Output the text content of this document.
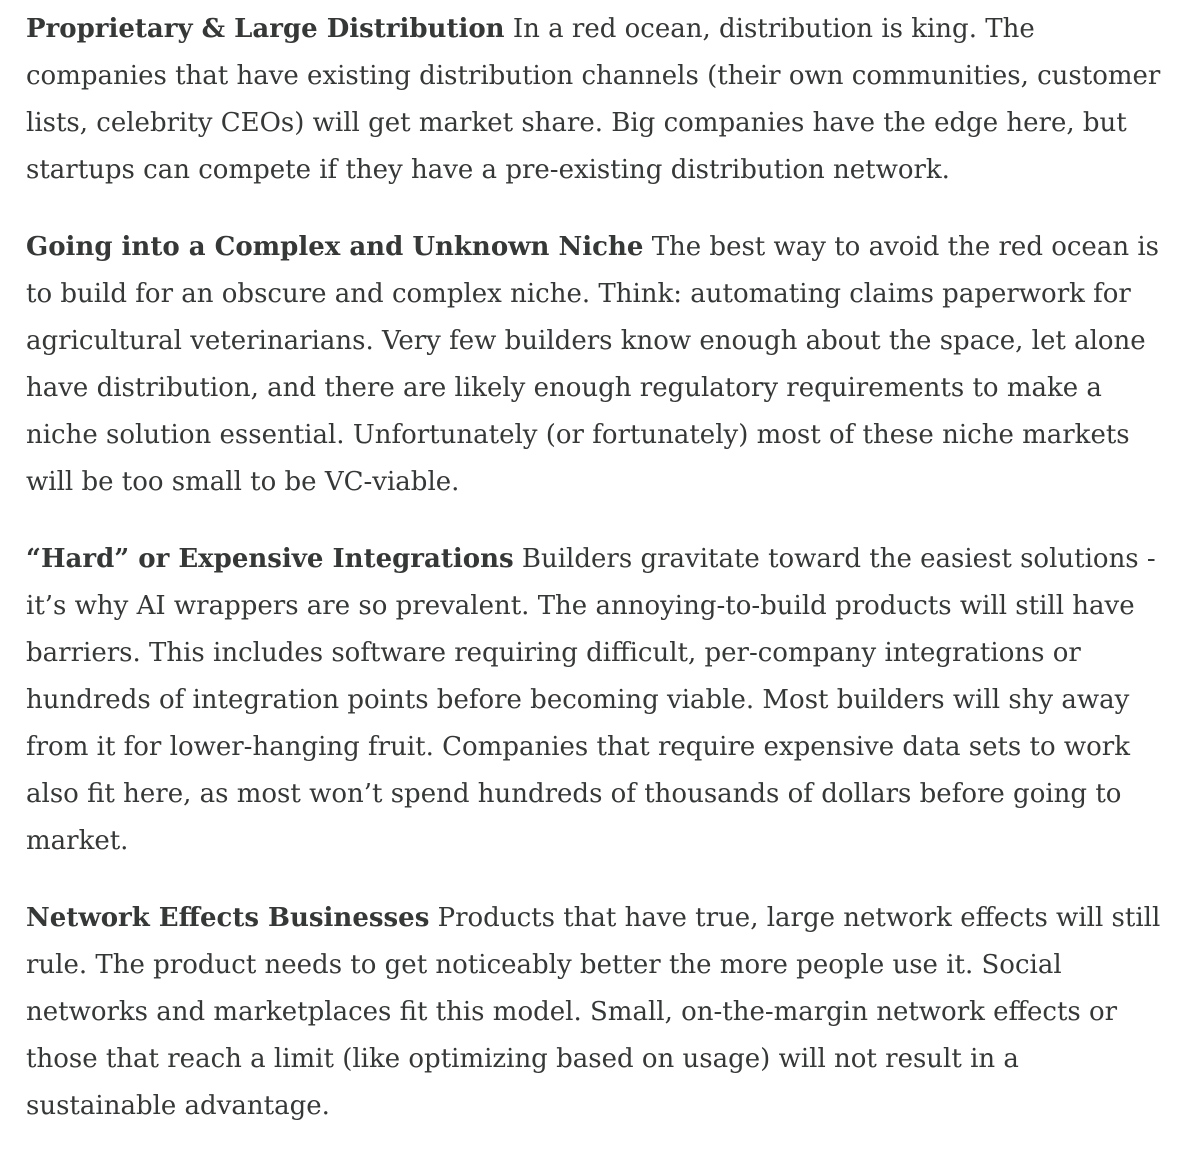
Proprietary & Large Distribution In a red ocean, distribution is king. The companies that have existing distribution channels (their own communities, customer lists, celebrity CEOs) will get market share. Big companies have the edge here, but startups can compete if they have a pre-existing distribution network.

Going into a Complex and Unknown Niche The best way to avoid the red ocean is to build for an obscure and complex niche. Think: automating claims paperwork for agricultural veterinarians. Very few builders know enough about the space, let alone have distribution, and there are likely enough regulatory requirements to make a niche solution essential. Unfortunately (or fortunately) most of these niche markets will be too small to be VC-viable.

“Hard” or Expensive Integrations Builders gravitate toward the easiest solutions - it’s why AI wrappers are so prevalent. The annoying-to-build products will still have barriers. This includes software requiring difficult, per-company integrations or hundreds of integration points before becoming viable. Most builders will shy away from it for lower-hanging fruit. Companies that require expensive data sets to work also fit here, as most won’t spend hundreds of thousands of dollars before going to market.

Network Effects Businesses Products that have true, large network effects will still rule. The product needs to get noticeably better the more people use it. Social networks and marketplaces fit this model. Small, on-the-margin network effects or those that reach a limit (like optimizing based on usage) will not result in a sustainable advantage.
